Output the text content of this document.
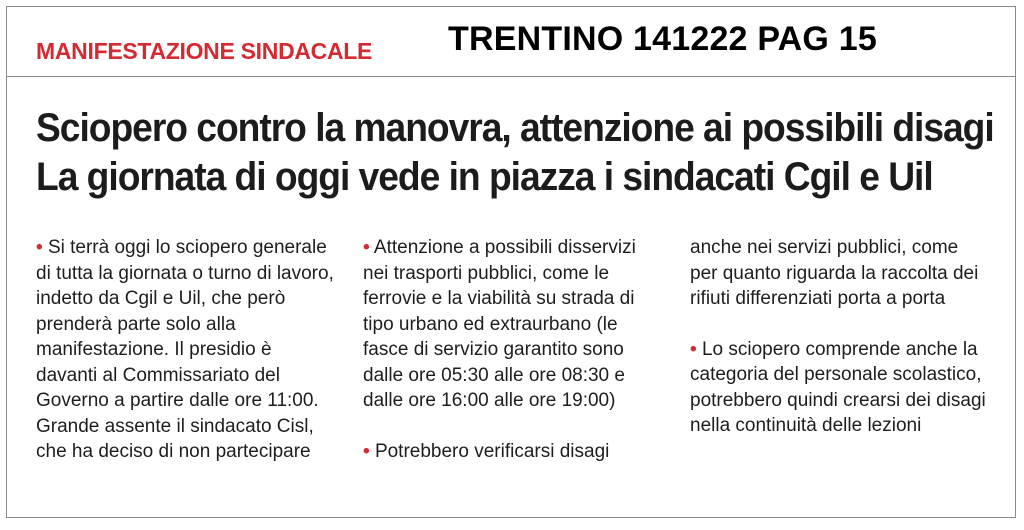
MANIFESTAZIONE SINDACALE TRENTINO 141222 PAG 15
Sciopero contro la manovra, attenzione ai possibili disagi
La giornata di oggi vede in piazza i sindacati Cgil e Uil

• Si terrà oggi lo sciopero generale di tutta la giornata o turno di lavoro, indetto da Cgil e Uil, che però prenderà parte solo alla manifestazione. Il presidio è davanti al Commissariato del Governo a partire dalle ore 11:00. Grande assente il sindacato Cisl, che ha deciso di non partecipare

• Attenzione a possibili disservizi nei trasporti pubblici, come le ferrovie e la viabilità su strada di tipo urbano ed extraurbano (le fasce di servizio garantito sono dalle ore 05:30 alle ore 08:30 e dalle ore 16:00 alle ore 19:00)

• Potrebbero verificarsi disagi

anche nei servizi pubblici, come per quanto riguarda la raccolta dei rifiuti differenziati porta a porta

• Lo sciopero comprende anche la categoria del personale scolastico, potrebbero quindi crearsi dei disagi nella continuità delle lezioni
